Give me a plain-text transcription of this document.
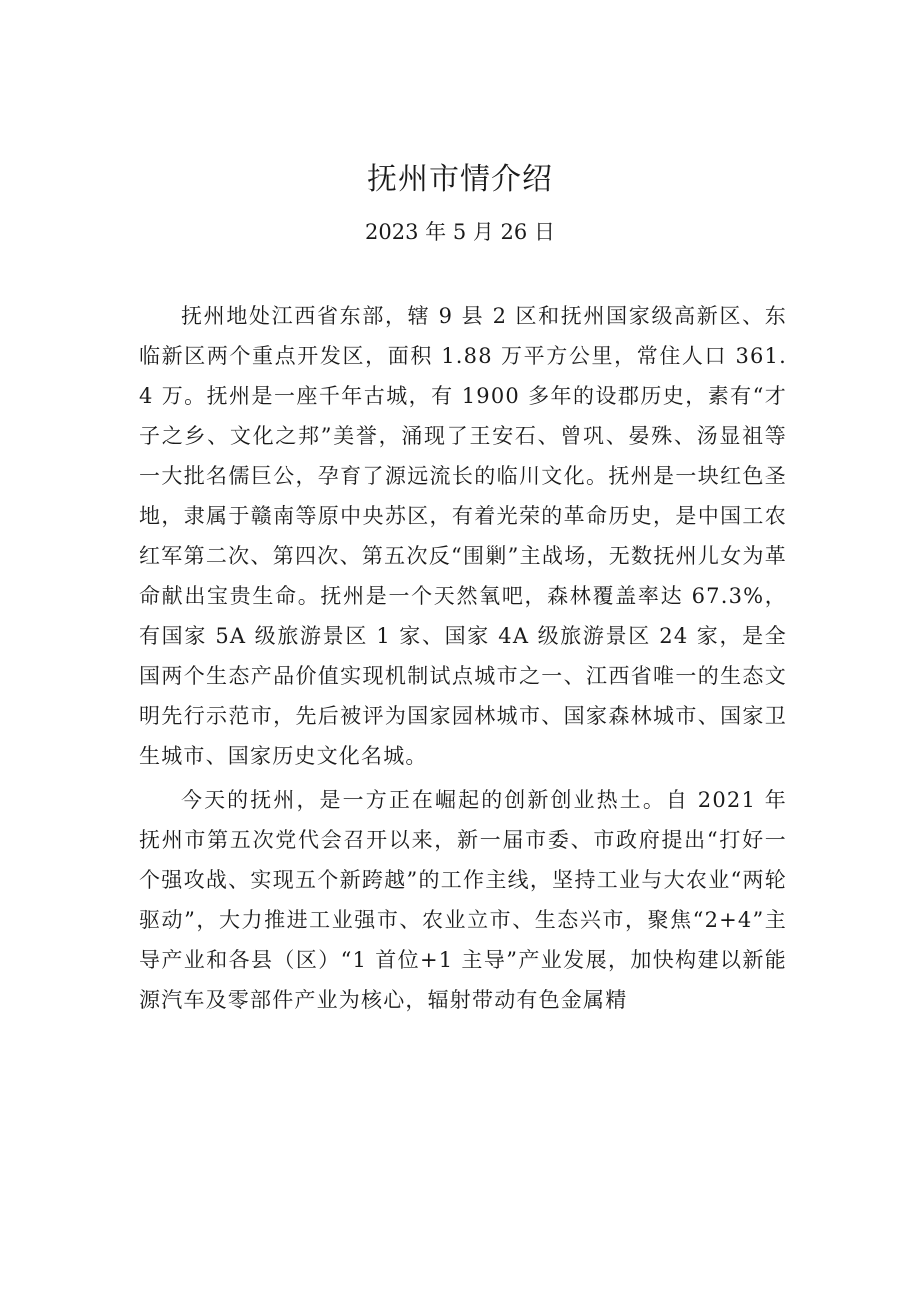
抚州市情介绍

2023 年 5 月 26 日

抚州地处江西省东部，辖 9 县 2 区和抚州国家级高新区、东临新区两个重点开发区，面积 1.88 万平方公里，常住人口 361.4 万。抚州是一座千年古城，有 1900 多年的设郡历史，素有“才子之乡、文化之邦”美誉，涌现了王安石、曾巩、晏殊、汤显祖等一大批名儒巨公，孕育了源远流长的临川文化。抚州是一块红色圣地，隶属于赣南等原中央苏区，有着光荣的革命历史，是中国工农红军第二次、第四次、第五次反“围剿”主战场，无数抚州儿女为革命献出宝贵生命。抚州是一个天然氧吧，森林覆盖率达 67.3%，有国家 5A 级旅游景区 1 家、国家 4A 级旅游景区 24 家，是全国两个生态产品价值实现机制试点城市之一、江西省唯一的生态文明先行示范市，先后被评为国家园林城市、国家森林城市、国家卫生城市、国家历史文化名城。

今天的抚州，是一方正在崛起的创新创业热土。自 2021 年抚州市第五次党代会召开以来，新一届市委、市政府提出“打好一个强攻战、实现五个新跨越”的工作主线，坚持工业与大农业“两轮驱动”，大力推进工业强市、农业立市、生态兴市，聚焦“2+4”主导产业和各县（区）“1 首位+1 主导”产业发展，加快构建以新能源汽车及零部件产业为核心，辐射带动有色金属精
